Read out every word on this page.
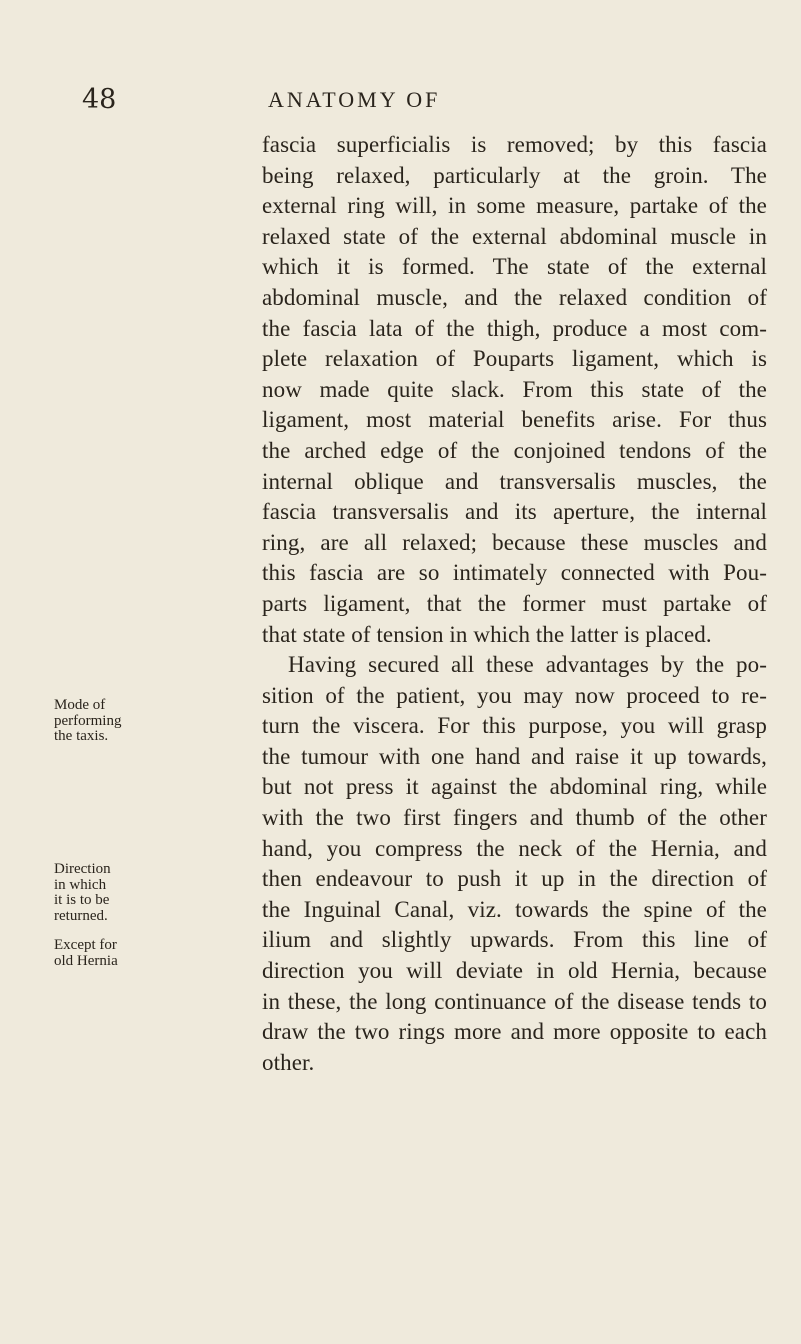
48	ANATOMY OF
fascia superficialis is removed; by this fascia
being relaxed, particularly at the groin. The
external ring will, in some measure, partake of the
relaxed state of the external abdominal muscle in
which it is formed. The state of the external
abdominal muscle, and the relaxed condition of
the fascia lata of the thigh, produce a most com-
plete relaxation of Pouparts ligament, which is
now made quite slack. From this state of the
ligament, most material benefits arise. For thus
the arched edge of the conjoined tendons of the
internal oblique and transversalis muscles, the
fascia transversalis and its aperture, the internal
ring, are all relaxed; because these muscles and
this fascia are so intimately connected with Pou-
parts ligament, that the former must partake of
that state of tension in which the latter is placed.
Having secured all these advantages by the po-
sition of the patient, you may now proceed to re-
turn the viscera. For this purpose, you will grasp
the tumour with one hand and raise it up towards,
but not press it against the abdominal ring, while
with the two first fingers and thumb of the other
hand, you compress the neck of the Hernia, and
then endeavour to push it up in the direction of
the Inguinal Canal, viz. towards the spine of the
ilium and slightly upwards. From this line of
direction you will deviate in old Hernia, because
in these, the long continuance of the disease tends to
draw the two rings more and more opposite to each
other.
Mode of
performing
the taxis.
Direction
in which
it is to be
returned.
Except for
old Hernia
